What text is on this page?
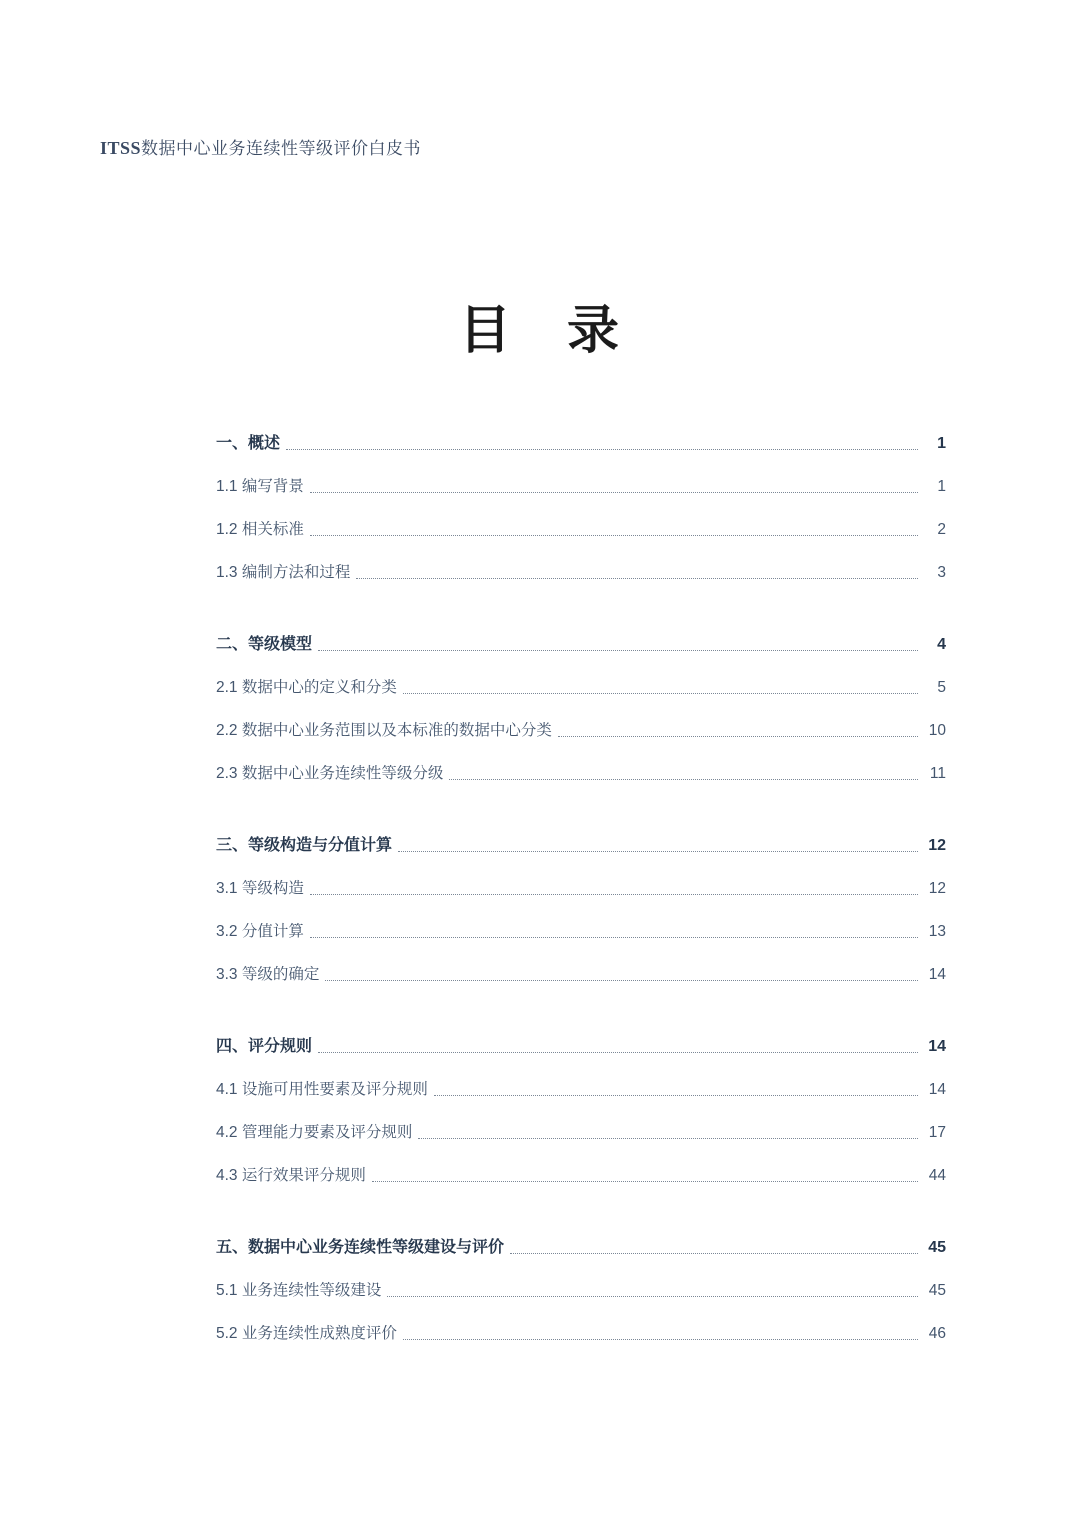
ITSS数据中心业务连续性等级评价白皮书
目 录
一、概述	1
1.1 编写背景	1
1.2 相关标准	2
1.3 编制方法和过程	3
二、等级模型	4
2.1 数据中心的定义和分类	5
2.2 数据中心业务范围以及本标准的数据中心分类	10
2.3 数据中心业务连续性等级分级	11
三、等级构造与分值计算	12
3.1 等级构造	12
3.2 分值计算	13
3.3 等级的确定	14
四、评分规则	14
4.1 设施可用性要素及评分规则	14
4.2 管理能力要素及评分规则	17
4.3 运行效果评分规则	44
五、数据中心业务连续性等级建设与评价	45
5.1 业务连续性等级建设	45
5.2 业务连续性成熟度评价	46
